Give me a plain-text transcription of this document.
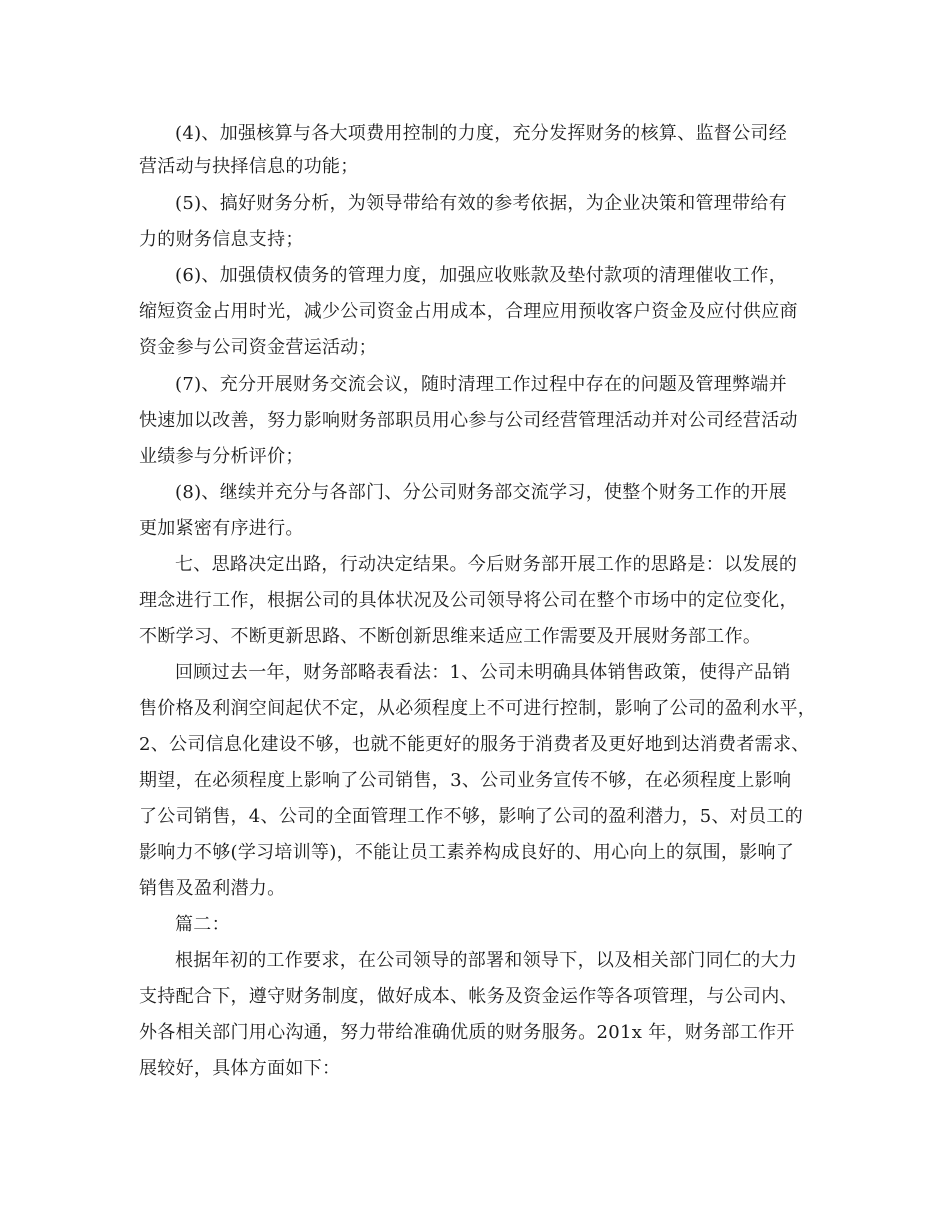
(4)、加强核算与各大项费用控制的力度，充分发挥财务的核算、监督公司经
营活动与抉择信息的功能；
(5)、搞好财务分析，为领导带给有效的参考依据，为企业决策和管理带给有
力的财务信息支持；
(6)、加强债权债务的管理力度，加强应收账款及垫付款项的清理催收工作，
缩短资金占用时光，减少公司资金占用成本，合理应用预收客户资金及应付供应商
资金参与公司资金营运活动；
(7)、充分开展财务交流会议，随时清理工作过程中存在的问题及管理弊端并
快速加以改善，努力影响财务部职员用心参与公司经营管理活动并对公司经营活动
业绩参与分析评价；
(8)、继续并充分与各部门、分公司财务部交流学习，使整个财务工作的开展
更加紧密有序进行。
七、思路决定出路，行动决定结果。今后财务部开展工作的思路是：以发展的
理念进行工作，根据公司的具体状况及公司领导将公司在整个市场中的定位变化，
不断学习、不断更新思路、不断创新思维来适应工作需要及开展财务部工作。
回顾过去一年，财务部略表看法：1、公司未明确具体销售政策，使得产品销
售价格及利润空间起伏不定，从必须程度上不可进行控制，影响了公司的盈利水平，
2、公司信息化建设不够，也就不能更好的服务于消费者及更好地到达消费者需求、
期望，在必须程度上影响了公司销售，3、公司业务宣传不够，在必须程度上影响
了公司销售，4、公司的全面管理工作不够，影响了公司的盈利潜力，5、对员工的
影响力不够(学习培训等)，不能让员工素养构成良好的、用心向上的氛围，影响了
销售及盈利潜力。
篇二：
根据年初的工作要求，在公司领导的部署和领导下，以及相关部门同仁的大力
支持配合下，遵守财务制度，做好成本、帐务及资金运作等各项管理，与公司内、
外各相关部门用心沟通，努力带给准确优质的财务服务。201x 年，财务部工作开
展较好，具体方面如下：
